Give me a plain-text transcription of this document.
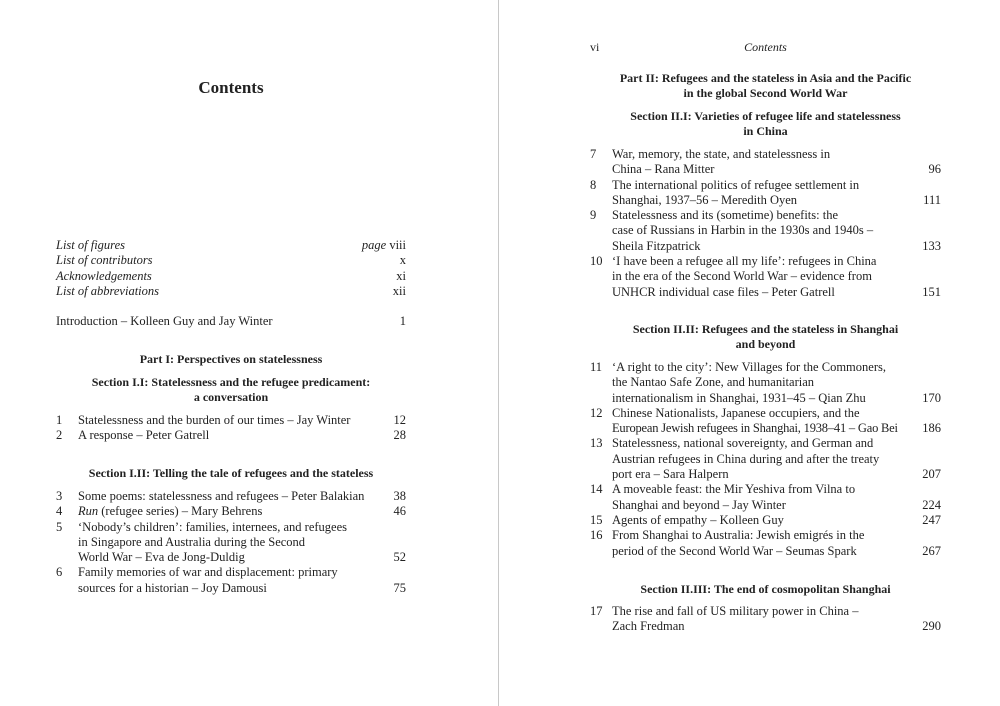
Contents
List of figures	page viii
List of contributors	x
Acknowledgements	xi
List of abbreviations	xii
Introduction – Kolleen Guy and Jay Winter	1
Part I: Perspectives on statelessness
Section I.I: Statelessness and the refugee predicament:
a conversation
1	Statelessness and the burden of our times – Jay Winter	12
2	A response – Peter Gatrell	28
Section I.II: Telling the tale of refugees and the stateless
3	Some poems: statelessness and refugees – Peter Balakian	38
4	Run (refugee series) – Mary Behrens	46
5	‘Nobody’s children’: families, internees, and refugees
in Singapore and Australia during the Second
World War – Eva de Jong-Duldig	52
6	Family memories of war and displacement: primary
sources for a historian – Joy Damousi	75
vi	Contents
Part II: Refugees and the stateless in Asia and the Pacific
in the global Second World War
Section II.I: Varieties of refugee life and statelessness
in China
7	War, memory, the state, and statelessness in
China – Rana Mitter	96
8	The international politics of refugee settlement in
Shanghai, 1937–56 – Meredith Oyen	111
9	Statelessness and its (sometime) benefits: the
case of Russians in Harbin in the 1930s and 1940s –
Sheila Fitzpatrick	133
10 ‘I have been a refugee all my life’: refugees in China
in the era of the Second World War – evidence from
UNHCR individual case files – Peter Gatrell	151
Section II.II: Refugees and the stateless in Shanghai
and beyond
11 ‘A right to the city’: New Villages for the Commoners,
the Nantao Safe Zone, and humanitarian
internationalism in Shanghai, 1931–45 – Qian Zhu	170
12 Chinese Nationalists, Japanese occupiers, and the
European Jewish refugees in Shanghai, 1938–41 – Gao Bei	186
13 Statelessness, national sovereignty, and German and
Austrian refugees in China during and after the treaty
port era – Sara Halpern	207
14 A moveable feast: the Mir Yeshiva from Vilna to
Shanghai and beyond – Jay Winter	224
15 Agents of empathy – Kolleen Guy	247
16 From Shanghai to Australia: Jewish emigrés in the
period of the Second World War – Seumas Spark	267
Section II.III: The end of cosmopolitan Shanghai
17 The rise and fall of US military power in China –
Zach Fredman	290
